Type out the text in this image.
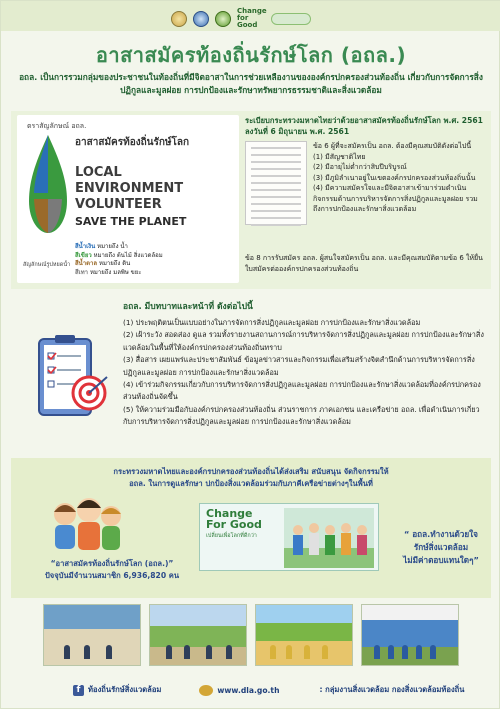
Change for Good
อาสาสมัครท้องถิ่นรักษ์โลก (อถล.)
อถล. เป็นการรวมกลุ่มของประชาชนในท้องถิ่นที่มีจิตอาสาในการช่วยเหลืองานขององค์กรปกครองส่วนท้องถิ่น เกี่ยวกับการจัดการสิ่งปฏิกูลและมูลฝอย การปกป้องและรักษาทรัพยากรธรรมชาติและสิ่งแวดล้อม
ตราสัญลักษณ์ อถล.
อาสาสมัครท้องถิ่นรักษ์โลก
LOCAL
ENVIRONMENT
VOLUNTEER
SAVE THE PLANET
สีน้ำเงิน หมายถึง น้ำ
สีเขียว หมายถึง ต้นไม้ สิ่งแวดล้อม
สีน้ำตาล หมายถึง ดิน
สีเทา หมายถึง มลพิษ ขยะ
สัญลักษณ์รูปหยดน้ำ
ระเบียบกระทรวงมหาดไทยว่าด้วยอาสาสมัครท้องถิ่นรักษ์โลก พ.ศ. 2561
ลงวันที่ 6 มิถุนายน พ.ศ. 2561

ข้อ 6 ผู้ที่จะสมัครเป็น อถล. ต้องมีคุณสมบัติดังต่อไปนี้

(1) มีสัญชาติไทย

(2) มีอายุไม่ต่ำกว่าสิบปีบริบูรณ์

(3) มีภูมิลำเนาอยู่ในเขตองค์กรปกครองส่วนท้องถิ่นนั้น

(4) มีความสมัครใจและมีจิตอาสาเข้ามาร่วมดำเนินกิจกรรมด้านการบริหารจัดการสิ่งปฏิกูลและมูลฝอย รวมถึงการปกป้องและรักษาสิ่งแวดล้อม

ข้อ 8 การรับสมัคร อถล. ผู้สนใจสมัครเป็น อถล. และมีคุณสมบัติตามข้อ 6 ให้ยื่นใบสมัครต่อองค์กรปกครองส่วนท้องถิ่น
อถล. มีบทบาทและหน้าที่ ดังต่อไปนี้

(1) ประพฤติตนเป็นแบบอย่างในการจัดการสิ่งปฏิกูลและมูลฝอย การปกป้องและรักษาสิ่งแวดล้อม

(2) เฝ้าระวัง สอดส่อง ดูแล รวมทั้งรายงานสถานการณ์การบริหารจัดการสิ่งปฏิกูลและมูลฝอย การปกป้องและรักษาสิ่งแวดล้อมในพื้นที่ให้องค์กรปกครองส่วนท้องถิ่นทราบ

(3) สื่อสาร เผยแพร่และประชาสัมพันธ์ ข้อมูลข่าวสารและกิจกรรมเพื่อเสริมสร้างจิตสำนึกด้านการบริหารจัดการสิ่งปฏิกูลและมูลฝอย การปกป้องและรักษาสิ่งแวดล้อม

(4) เข้าร่วมกิจกรรมเกี่ยวกับการบริหารจัดการสิ่งปฏิกูลและมูลฝอย การปกป้องและรักษาสิ่งแวดล้อมที่องค์กรปกครองส่วนท้องถิ่นจัดขึ้น

(5) ให้ความร่วมมือกับองค์กรปกครองส่วนท้องถิ่น ส่วนราชการ ภาคเอกชน และเครือข่าย อถล. เพื่อดำเนินการเกี่ยวกับการบริหารจัดการสิ่งปฏิกูลและมูลฝอย การปกป้องและรักษาสิ่งแวดล้อม

กระทรวงมหาดไทยและองค์กรปกครองส่วนท้องถิ่นได้ส่งเสริม สนับสนุน จัดกิจกรรมให้
อถล. ในการดูแลรักษา ปกป้องสิ่งแวดล้อมร่วมกับภาคีเครือข่ายต่างๆในพื้นที่
“อาสาสมัครท้องถิ่นรักษ์โลก (อถล.)”
ปัจจุบันมีจำนวนสมาชิก 6,936,820 คน
Change
For Good
เปลี่ยนเพื่อโลกที่ดีกว่า	“ อถล.ทำงานด้วยใจ
รักษ์สิ่งแวดล้อม
ไม่มีค่าตอบแทนใดๆ”
f ท้องถิ่นรักษ์สิ่งแวดล้อม	www.dla.go.th	: กลุ่มงานสิ่งแวดล้อม กองสิ่งแวดล้อมท้องถิ่น
